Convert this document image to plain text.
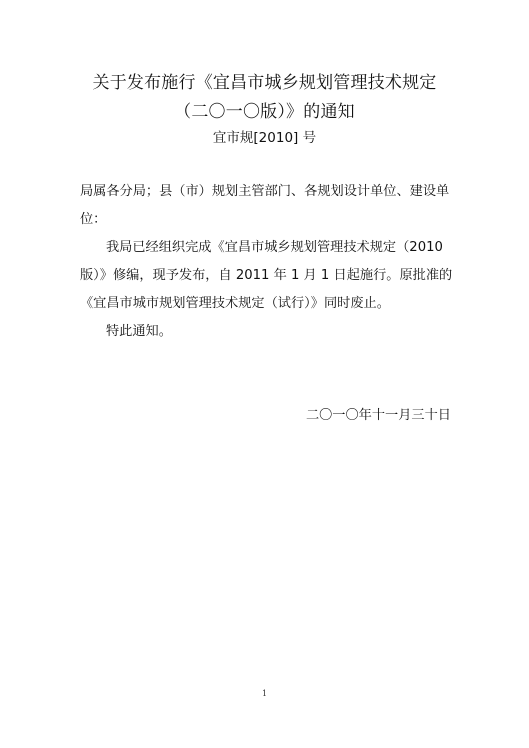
关于发布施行《宜昌市城乡规划管理技术规定
（二〇一〇版）》的通知
宜市规[2010] 号
局属各分局；县（市）规划主管部门、各规划设计单位、建设单
位：
我局已经组织完成《宜昌市城乡规划管理技术规定（2010
版）》修编，现予发布，自 2011 年 1 月 1 日起施行。原批准的
《宜昌市城市规划管理技术规定（试行）》同时废止。
特此通知。
二〇一〇年十一月三十日
1
